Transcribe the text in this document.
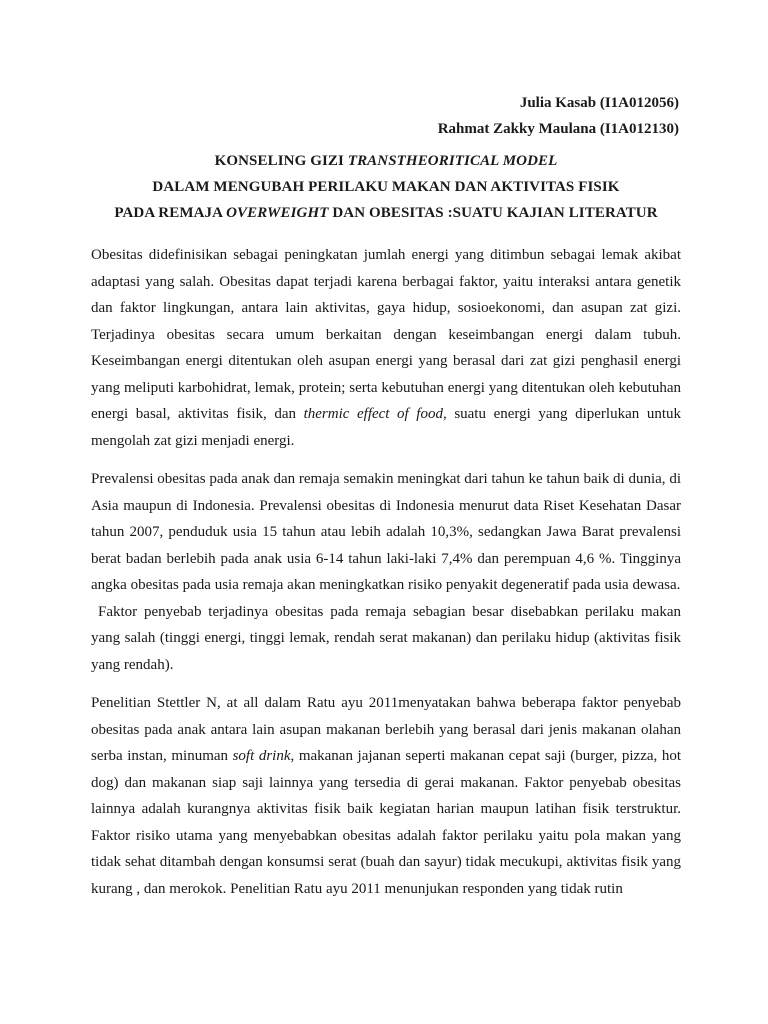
Julia Kasab (I1A012056)
Rahmat Zakky Maulana (I1A012130)
KONSELING GIZI TRANSTHEORITICAL MODEL
DALAM MENGUBAH PERILAKU MAKAN DAN AKTIVITAS FISIK
PADA REMAJA OVERWEIGHT DAN OBESITAS :SUATU KAJIAN LITERATUR

Obesitas didefinisikan sebagai peningkatan jumlah energi yang ditimbun sebagai lemak akibat adaptasi yang salah. Obesitas dapat terjadi karena berbagai faktor, yaitu interaksi antara genetik dan faktor lingkungan, antara lain aktivitas, gaya hidup, sosioekonomi, dan asupan zat gizi. Terjadinya obesitas secara umum berkaitan dengan keseimbangan energi dalam tubuh. Keseimbangan energi ditentukan oleh asupan energi yang berasal dari zat gizi penghasil energi yang meliputi karbohidrat, lemak, protein; serta kebutuhan energi yang ditentukan oleh kebutuhan energi basal, aktivitas fisik, dan thermic effect of food, suatu energi yang diperlukan untuk mengolah zat gizi menjadi energi.

Prevalensi obesitas pada anak dan remaja semakin meningkat dari tahun ke tahun baik di dunia, di Asia maupun di Indonesia. Prevalensi obesitas di Indonesia menurut data Riset Kesehatan Dasar tahun 2007, penduduk usia 15 tahun atau lebih adalah 10,3%, sedangkan Jawa Barat prevalensi berat badan berlebih pada anak usia 6-14 tahun laki-laki 7,4% dan perempuan 4,6 %. Tingginya angka obesitas pada usia remaja akan meningkatkan risiko penyakit degeneratif pada usia dewasa.

Faktor penyebab terjadinya obesitas pada remaja sebagian besar disebabkan perilaku makan yang salah (tinggi energi, tinggi lemak, rendah serat makanan) dan perilaku hidup (aktivitas fisik yang rendah).

Penelitian Stettler N, at all dalam Ratu ayu 2011menyatakan bahwa beberapa faktor penyebab obesitas pada anak antara lain asupan makanan berlebih yang berasal dari jenis makanan olahan serba instan, minuman soft drink, makanan jajanan seperti makanan cepat saji (burger, pizza, hot dog) dan makanan siap saji lainnya yang tersedia di gerai makanan. Faktor penyebab obesitas lainnya adalah kurangnya aktivitas fisik baik kegiatan harian maupun latihan fisik terstruktur. Faktor risiko utama yang menyebabkan obesitas adalah faktor perilaku yaitu pola makan yang tidak sehat ditambah dengan konsumsi serat (buah dan sayur) tidak mecukupi, aktivitas fisik yang kurang , dan merokok. Penelitian Ratu ayu 2011 menunjukan responden yang tidak rutin
